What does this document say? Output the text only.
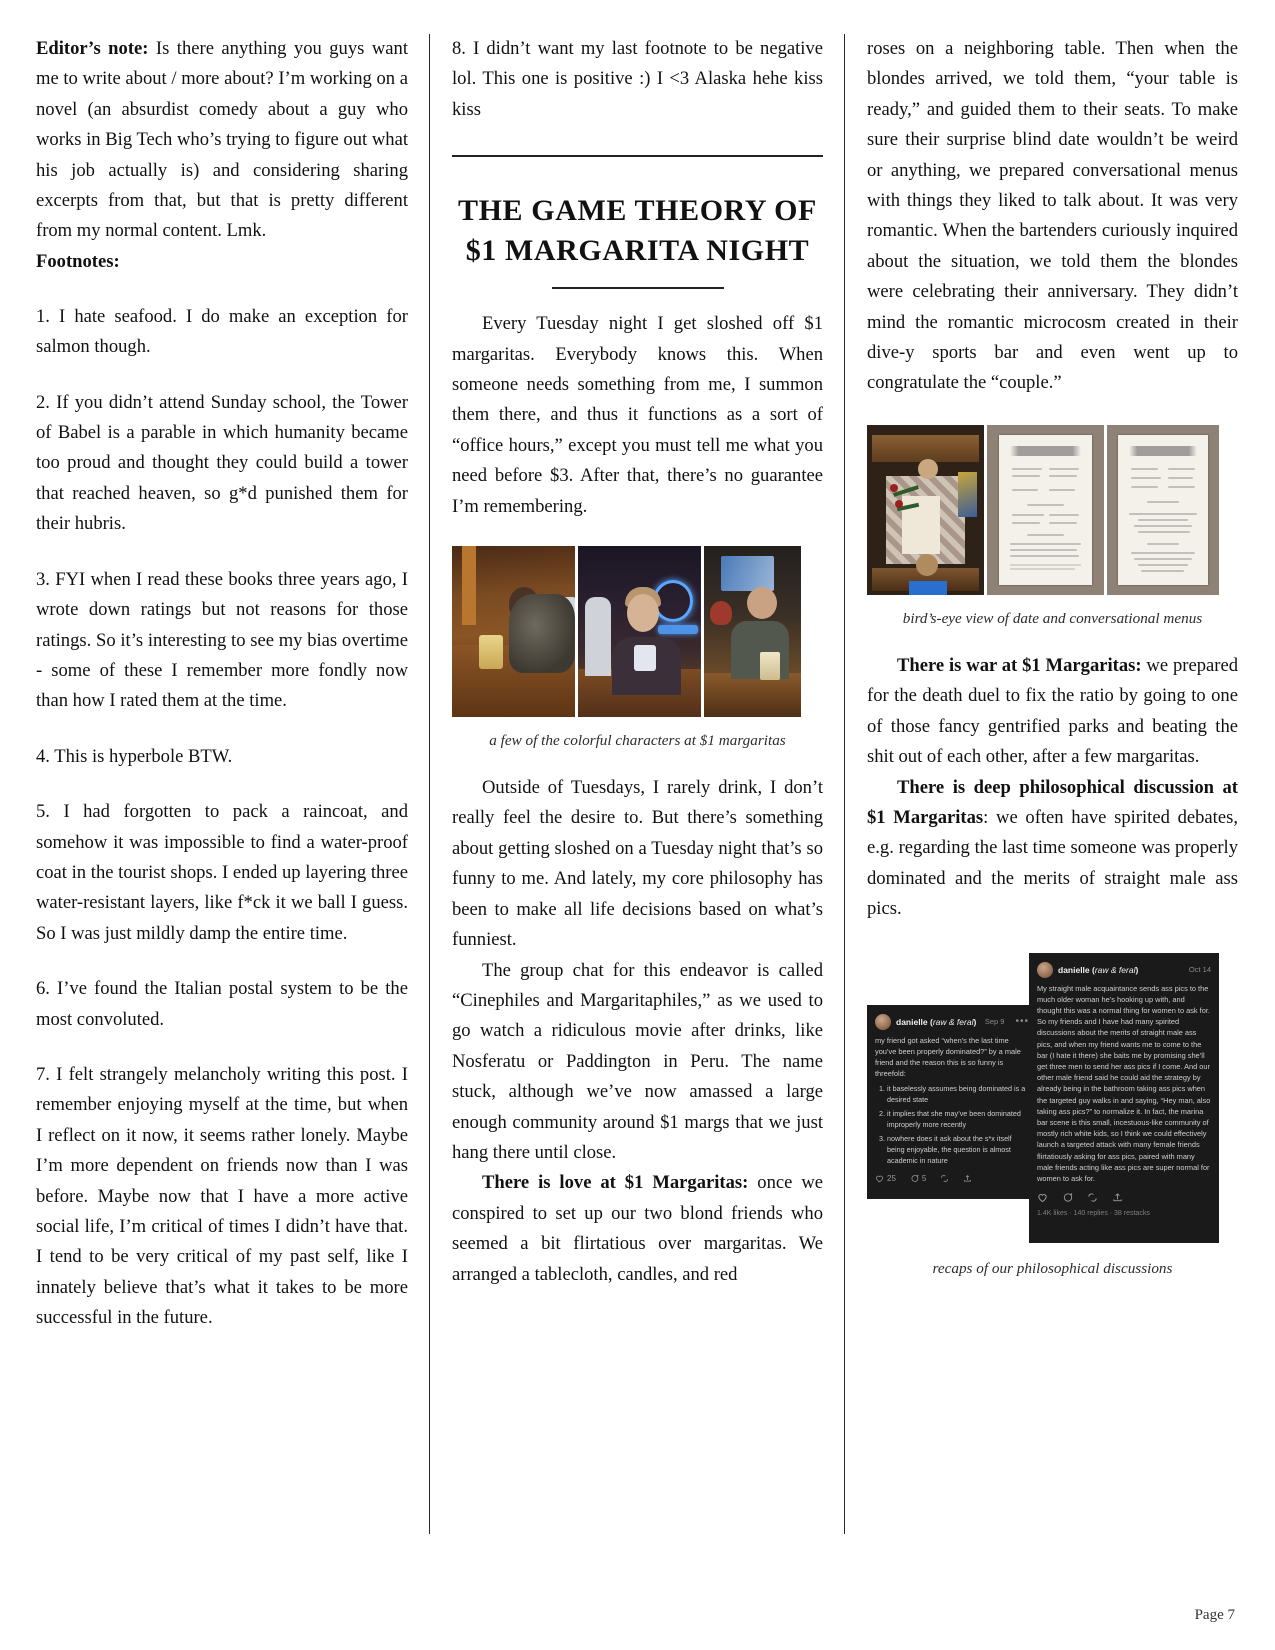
Editor’s note: Is there anything you guys want me to write about / more about? I’m working on a novel (an absurdist comedy about a guy who works in Big Tech who’s trying to figure out what his job actually is) and considering sharing excerpts from that, but that is pretty different from my normal content. Lmk.

Footnotes:

1. I hate seafood. I do make an exception for salmon though.

2. If you didn’t attend Sunday school, the Tower of Babel is a parable in which humanity became too proud and thought they could build a tower that reached heaven, so g*d punished them for their hubris.

3. FYI when I read these books three years ago, I wrote down ratings but not reasons for those ratings. So it’s interesting to see my bias overtime - some of these I remember more fondly now than how I rated them at the time.

4. This is hyperbole BTW.

5. I had forgotten to pack a raincoat, and somehow it was impossible to find a water-proof coat in the tourist shops. I ended up layering three water-resistant layers, like f*ck it we ball I guess. So I was just mildly damp the entire time.

6. I’ve found the Italian postal system to be the most convoluted.

7. I felt strangely melancholy writing this post. I remember enjoying myself at the time, but when I reflect on it now, it seems rather lonely. Maybe I’m more dependent on friends now than I was before. Maybe now that I have a more active social life, I’m critical of times I didn’t have that. I tend to be very critical of my past self, like I innately believe that’s what it takes to be more successful in the future.

8. I didn’t want my last footnote to be negative lol. This one is positive :) I <3 Alaska hehe kiss kiss

THE GAME THEORY OF $1 MARGARITA NIGHT

Every Tuesday night I get sloshed off $1 margaritas. Everybody knows this. When someone needs something from me, I summon them there, and thus it functions as a sort of “office hours,” except you must tell me what you need before $3. After that, there’s no guarantee I’m remembering.

a few of the colorful characters at $1 margaritas

Outside of Tuesdays, I rarely drink, I don’t really feel the desire to. But there’s something about getting sloshed on a Tuesday night that’s so funny to me. And lately, my core philosophy has been to make all life decisions based on what’s funniest.

The group chat for this endeavor is called “Cinephiles and Margaritaphiles,” as we used to go watch a ridiculous movie after drinks, like Nosferatu or Paddington in Peru. The name stuck, although we’ve now amassed a large enough community around $1 margs that we just hang there until close.

There is love at $1 Margaritas: once we conspired to set up our two blond friends who seemed a bit flirtatious over margaritas. We arranged a tablecloth, candles, and red

roses on a neighboring table. Then when the blondes arrived, we told them, “your table is ready,” and guided them to their seats. To make sure their surprise blind date wouldn’t be weird or anything, we prepared conversational menus with things they liked to talk about. It was very romantic. When the bartenders curiously inquired about the situation, we told them the blondes were celebrating their anniversary. They didn’t mind the romantic microcosm created in their dive-y sports bar and even went up to congratulate the “couple.”

bird’s-eye view of date and conversational menus

There is war at $1 Margaritas: we prepared for the death duel to fix the ratio by going to one of those fancy gentrified parks and beating the shit out of each other, after a few margaritas.

There is deep philosophical discussion at $1 Margaritas: we often have spirited debates, e.g. regarding the last time someone was properly dominated and the merits of straight male ass pics.

danielle (raw & feral) Sep 9 •••
my friend got asked “when’s the last time you’ve been properly dominated?” by a male friend and the reason this is so funny is threefold:
1. it baselessly assumes being dominated is a desired state
2. it implies that she may’ve been dominated improperly more recently
3. nowhere does it ask about the s*x itself being enjoyable, the question is almost academic in nature
25	5
danielle (raw & feral)	Oct 14
My straight male acquaintance sends ass pics to the much older woman he’s hooking up with, and thought this was a normal thing for women to ask for. So my friends and I have had many spirited discussions about the merits of straight male ass pics, and when my friend wants me to come to the bar (I hate it there) she baits me by promising she’ll get three men to send her ass pics if I come. And our other male friend said he could aid the strategy by already being in the bathroom taking ass pics when the targeted guy walks in and saying, “Hey man, also taking ass pics?” to normalize it. In fact, the marina bar scene is this small, incestuous-like community of mostly rich white kids, so I think we could effectively launch a targeted attack with many female friends flirtatiously asking for ass pics, paired with many male friends acting like ass pics are super normal for women to ask for.
1.4K likes · 140 replies · 38 restacks

recaps of our philosophical discussions

Page 7
